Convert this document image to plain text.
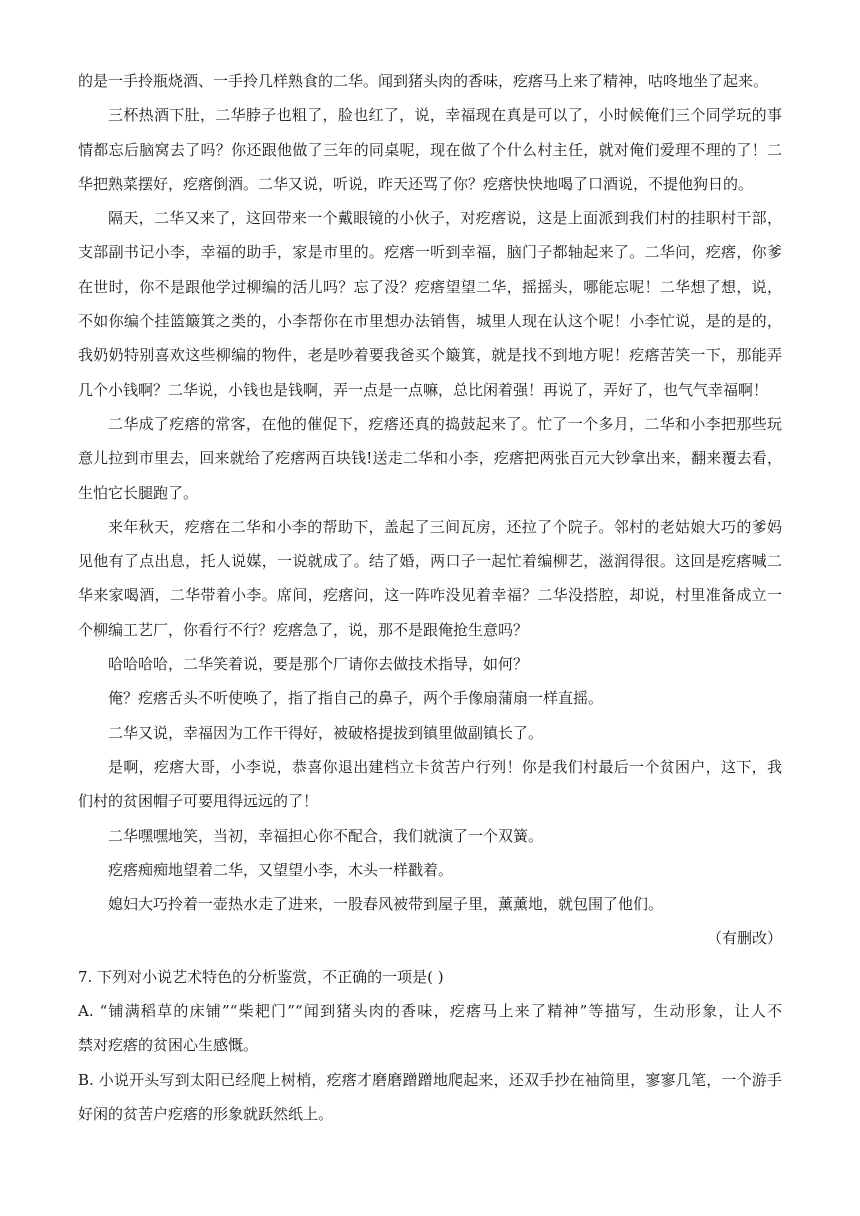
的是一手拎瓶烧酒、一手拎几样熟食的二华。闻到猪头肉的香味，疙瘩马上来了精神，咕咚地坐了起来。
三杯热酒下肚，二华脖子也粗了，脸也红了，说，幸福现在真是可以了，小时候俺们三个同学玩的事
情都忘后脑窝去了吗？你还跟他做了三年的同桌呢，现在做了个什么村主任，就对俺们爱理不理的了！二
华把熟菜摆好，疙瘩倒酒。二华又说，听说，昨天还骂了你？疙瘩快快地喝了口酒说，不提他狗日的。
隔天，二华又来了，这回带来一个戴眼镜的小伙子，对疙瘩说，这是上面派到我们村的挂职村干部，
支部副书记小李，幸福的助手，家是市里的。疙瘩一听到幸福，脑门子都轴起来了。二华问，疙瘩，你爹
在世时，你不是跟他学过柳编的活儿吗？忘了没？疙瘩望望二华，摇摇头，哪能忘呢！二华想了想，说，
不如你编个挂篮簸箕之类的，小李帮你在市里想办法销售，城里人现在认这个呢！小李忙说，是的是的，
我奶奶特别喜欢这些柳编的物件，老是吵着要我爸买个簸箕，就是找不到地方呢！疙瘩苦笑一下，那能弄
几个小钱啊？二华说，小钱也是钱啊，弄一点是一点嘛，总比闲着强！再说了，弄好了，也气气幸福啊！
二华成了疙瘩的常客，在他的催促下，疙瘩还真的捣鼓起来了。忙了一个多月，二华和小李把那些玩
意儿拉到市里去，回来就给了疙瘩两百块钱!送走二华和小李，疙瘩把两张百元大钞拿出来，翻来覆去看，
生怕它长腿跑了。
来年秋天，疙瘩在二华和小李的帮助下，盖起了三间瓦房，还拉了个院子。邻村的老姑娘大巧的爹妈
见他有了点出息，托人说媒，一说就成了。结了婚，两口子一起忙着编柳艺，滋润得很。这回是疙瘩喊二
华来家喝酒，二华带着小李。席间，疙瘩问，这一阵咋没见着幸福？二华没搭腔，却说，村里准备成立一
个柳编工艺厂，你看行不行？疙瘩急了，说，那不是跟俺抢生意吗？
哈哈哈哈，二华笑着说，要是那个厂请你去做技术指导，如何？
俺？疙瘩舌头不听使唤了，指了指自己的鼻子，两个手像扇蒲扇一样直摇。
二华又说，幸福因为工作干得好，被破格提拔到镇里做副镇长了。
是啊，疙瘩大哥，小李说，恭喜你退出建档立卡贫苦户行列！你是我们村最后一个贫困户，这下，我
们村的贫困帽子可要甩得远远的了！
二华嘿嘿地笑，当初，幸福担心你不配合，我们就演了一个双簧。
疙瘩痴痴地望着二华，又望望小李，木头一样戳着。
媳妇大巧拎着一壶热水走了进来，一股春风被带到屋子里，薰薰地，就包围了他们。
（有删改）
7. 下列对小说艺术特色的分析鉴赏，不正确的一项是( )
A. “铺满稻草的床铺”“柴耙门”“闻到猪头肉的香味，疙瘩马上来了精神”等描写，生动形象，让人不
禁对疙瘩的贫困心生感慨。
B. 小说开头写到太阳已经爬上树梢，疙瘩才磨磨蹭蹭地爬起来，还双手抄在袖筒里，寥寥几笔，一个游手
好闲的贫苦户疙瘩的形象就跃然纸上。
